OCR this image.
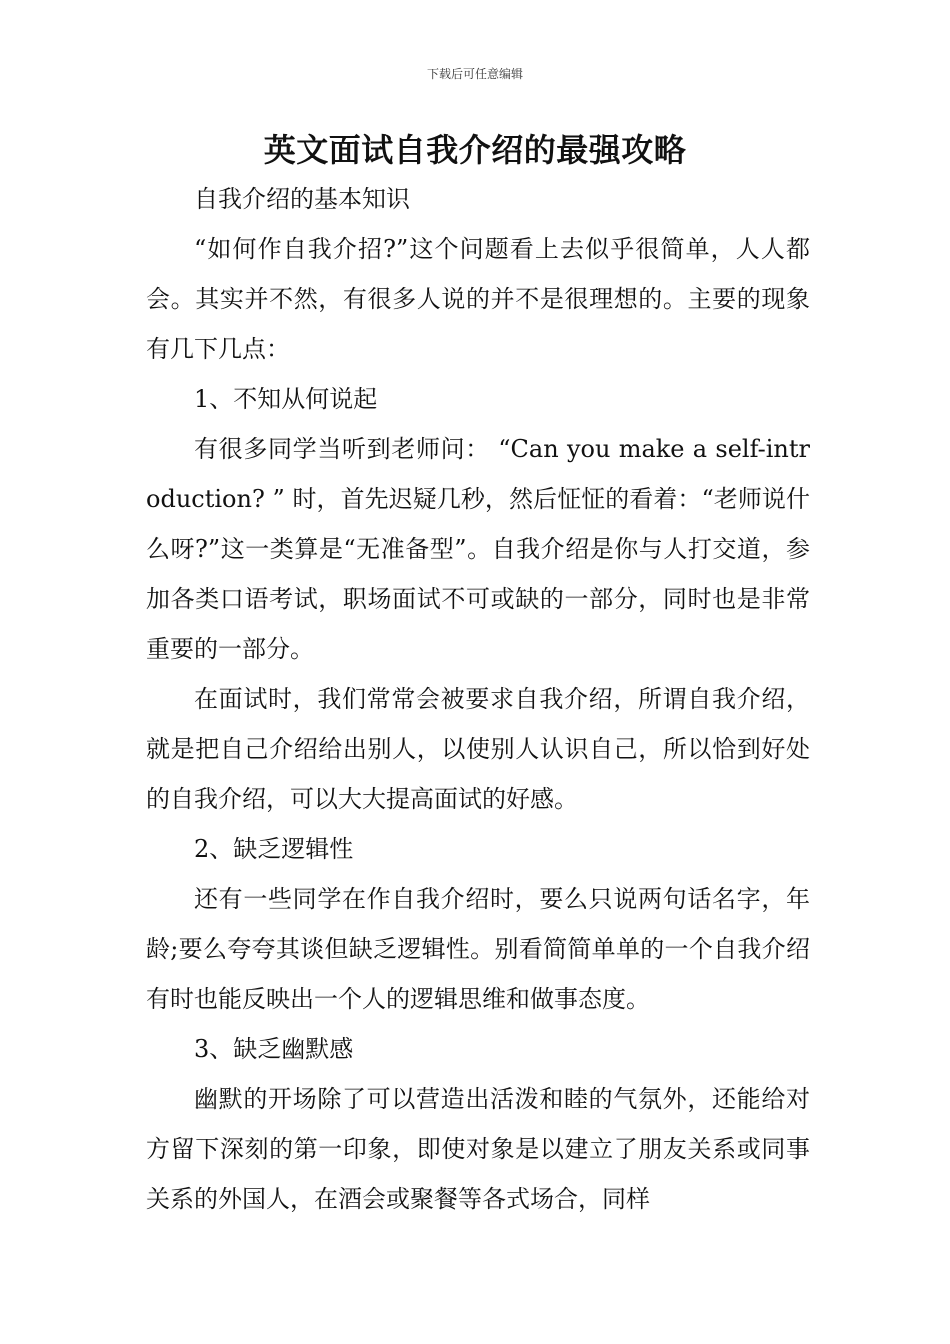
下载后可任意编辑
英文面试自我介绍的最强攻略

自我介绍的基本知识

“如何作自我介招?”这个问题看上去似乎很简单，人人都会。其实并不然，有很多人说的并不是很理想的。主要的现象有几下几点：

1、不知从何说起

有很多同学当听到老师问： “Can you make a self-introduction? ” 时，首先迟疑几秒，然后怔怔的看着：“老师说什么呀?”这一类算是“无准备型”。自我介绍是你与人打交道，参加各类口语考试，职场面试不可或缺的一部分，同时也是非常重要的一部分。

在面试时，我们常常会被要求自我介绍，所谓自我介绍，就是把自己介绍给出别人，以使别人认识自己，所以恰到好处的自我介绍，可以大大提高面试的好感。

2、缺乏逻辑性

还有一些同学在作自我介绍时，要么只说两句话名字，年龄;要么夸夸其谈但缺乏逻辑性。别看简简单单的一个自我介绍有时也能反映出一个人的逻辑思维和做事态度。

3、缺乏幽默感

幽默的开场除了可以营造出活泼和睦的气氛外，还能给对方留下深刻的第一印象，即使对象是以建立了朋友关系或同事关系的外国人，在酒会或聚餐等各式场合，同样
